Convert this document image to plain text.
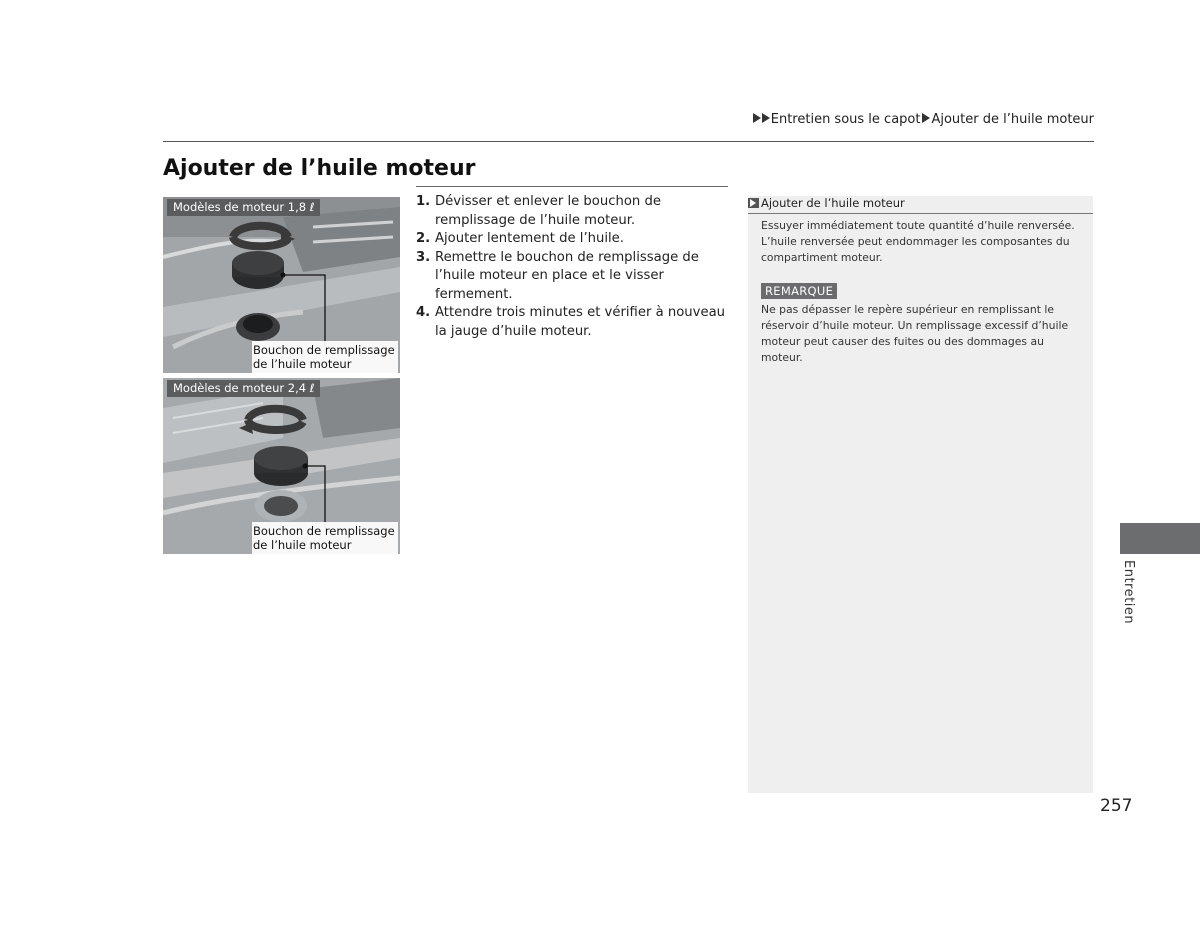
Entretien sous le capot Ajouter de l’huile moteur
Ajouter de l’huile moteur
Modèles de moteur 1,8 ℓ
Bouchon de remplissage
de l’huile moteur
Modèles de moteur 2,4 ℓ
Bouchon de remplissage
de l’huile moteur
1. Dévisser et enlever le bouchon de remplissage de l’huile moteur.
2. Ajouter lentement de l’huile.
3. Remettre le bouchon de remplissage de l’huile moteur en place et le visser fermement.
4. Attendre trois minutes et vérifier à nouveau la jauge d’huile moteur.
Ajouter de l’huile moteur
Essuyer immédiatement toute quantité d’huile renversée. L’huile renversée peut endommager les composantes du compartiment moteur.
REMARQUE
Ne pas dépasser le repère supérieur en remplissant le réservoir d’huile moteur. Un remplissage excessif d’huile moteur peut causer des fuites ou des dommages au moteur.
Entretien
257
